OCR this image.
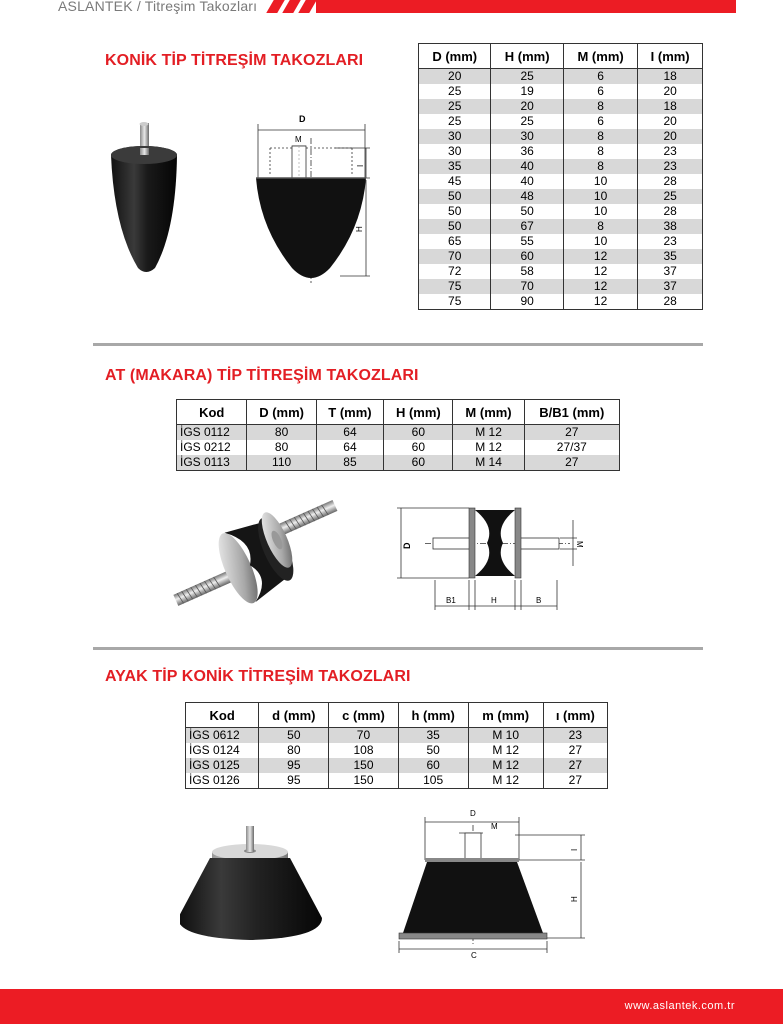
ASLANTEK / Titreşim Takozları
KONİK TİP TİTREŞİM TAKOZLARI	D (mm)	H (mm)	M (mm)	I (mm)
20	25	6	18
25	19	6	20
25	20	8	18
25	25	6	20
30	30	8	20
30	36	8	23
35	40	8	23
45	40	10	28
50	48	10	25
50	50	10	28
50	67	8	38
65	55	10	23
70	60	12	35
72	58	12	37
75	70	12	37
75	90	12	28
D
M
I
H
AT (MAKARA) TİP TİTREŞİM TAKOZLARI
Kod	D (mm)	T (mm)	H (mm)	M (mm)	B/B1 (mm)
İGS 0112	80	64	60	M 12	27
İGS 0212	80	64	60	M 12	27/37
İGS 0113	110	85	60	M 14	27
D	M
B1	H	B
AYAK TİP KONİK TİTREŞİM TAKOZLARI
Kod	d (mm)	c (mm)	h (mm)	m (mm)	ı (mm)
İGS 0612	50	70	35	M 10	23
İGS 0124	80	108	50	M 12	27
İGS 0125	95	150	60	M 12	27
İGS 0126	95	150	105	M 12	27
D
M
I
H
C
www.aslantek.com.tr
